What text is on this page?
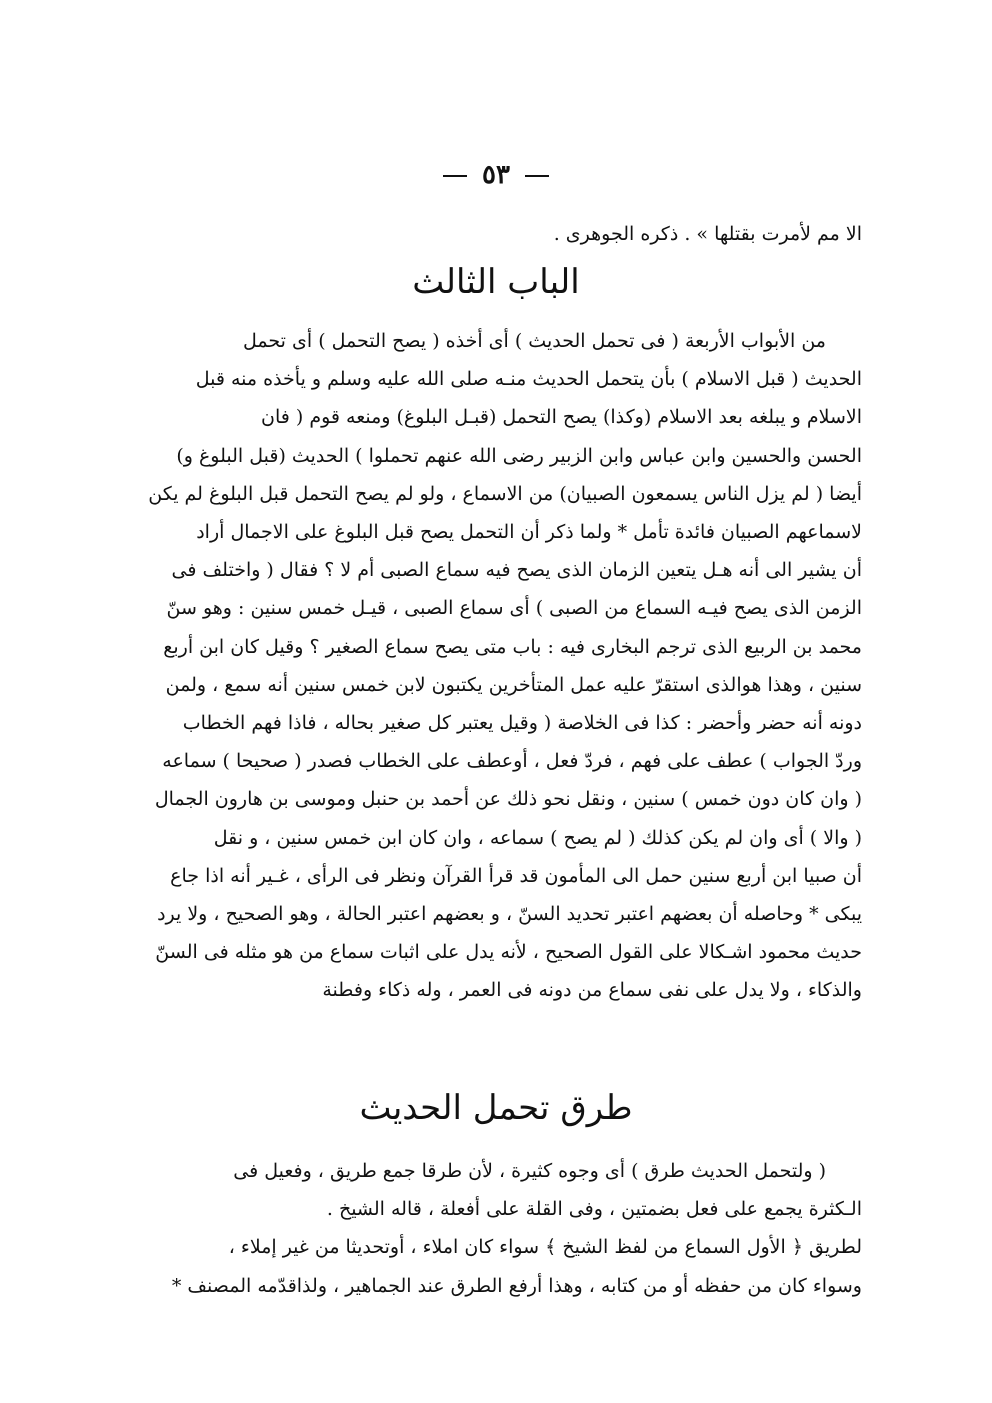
٥٣
الا مم لأمرت بقتلها » . ذكره الجوهرى .
الباب الثالث
من الأبواب الأربعة ( فى تحمل الحديث ) أى أخذه ( يصح التحمل ) أى تحمل
الحديث ( قبل الاسلام ) بأن يتحمل الحديث منـه صلى الله عليه وسلم و يأخذه منه قبل
الاسلام و يبلغه بعد الاسلام (وكذا) يصح التحمل (قبـل البلوغ) ومنعه قوم ( فان
الحسن والحسين وابن عباس وابن الزبير رضى الله عنهم تحملوا ) الحديث (قبل البلوغ و)
أيضا ( لم يزل الناس يسمعون الصبيان) من الاسماع ، ولو لم يصح التحمل قبل البلوغ لم يكن
لاسماعهم الصبيان فائدة تأمل * ولما ذكر أن التحمل يصح قبل البلوغ على الاجمال أراد
أن يشير الى أنه هـل يتعين الزمان الذى يصح فيه سماع الصبى أم لا ؟ فقال ( واختلف فى
الزمن الذى يصح فيـه السماع من الصبى ) أى سماع الصبى ، قيـل خمس سنين : وهو سنّ
محمد بن الربيع الذى ترجم البخارى فيه : باب متى يصح سماع الصغير ؟ وقيل كان ابن أربع
سنين ، وهذا هوالذى استقرّ عليه عمل المتأخرين يكتبون لابن خمس سنين أنه سمع ، ولمن
دونه أنه حضر وأحضر : كذا فى الخلاصة ( وقيل يعتبر كل صغير بحاله ، فاذا فهم الخطاب
وردّ الجواب ) عطف على فهم ، فردّ فعل ، أوعطف على الخطاب فصدر ( صحيحا ) سماعه
( وان كان دون خمس ) سنين ، ونقل نحو ذلك عن أحمد بن حنبل وموسى بن هارون الجمال
( والا ) أى وان لم يكن كذلك ( لم يصح ) سماعه ، وان كان ابن خمس سنين ، و نقل
أن صبيا ابن أربع سنين حمل الى المأمون قد قرأ القرآن ونظر فى الرأى ، غـير أنه اذا جاع
يبكى * وحاصله أن بعضهم اعتبر تحديد السنّ ، و بعضهم اعتبر الحالة ، وهو الصحيح ، ولا يرد
حديث محمود اشـكالا على القول الصحيح ، لأنه يدل على اثبات سماع من هو مثله فى السنّ
والذكاء ، ولا يدل على نفى سماع من دونه فى العمر ، وله ذكاء وفطنة
طرق تحمل الحديث
( ولتحمل الحديث طرق ) أى وجوه كثيرة ، لأن طرقا جمع طريق ، وفعيل فى
الـكثرة يجمع على فعل بضمتين ، وفى القلة على أفعلة ، قاله الشيخ .
لطريق ﴿ الأول السماع من لفظ الشيخ ﴾ سواء كان املاء ، أوتحديثا من غير إملاء ،
وسواء كان من حفظه أو من كتابه ، وهذا أرفع الطرق عند الجماهير ، ولذاقدّمه المصنف *
